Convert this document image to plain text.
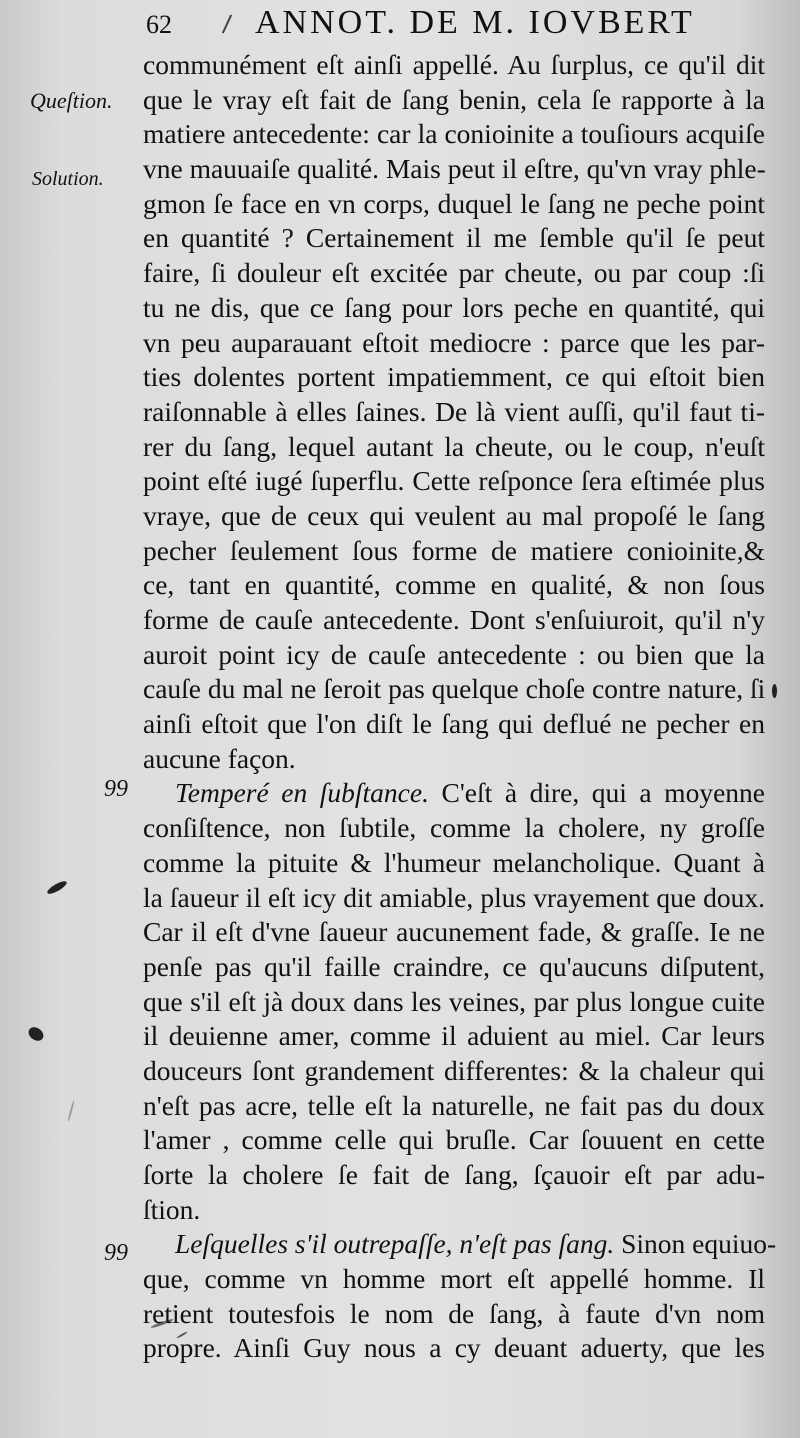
62 ANNOT. DE M. IOVBERT
Queſtion.
Solution.
99
99
communément eſt ainſi appellé. Au ſurplus, ce qu'il dit
que le vray eſt fait de ſang benin, cela ſe rapporte à la
matiere antecedente: car la conioinite a touſiours acquiſe
vne mauuaiſe qualité. Mais peut il eſtre, qu'vn vray phle-
gmon ſe face en vn corps, duquel le ſang ne peche point
en quantité ? Certainement il me ſemble qu'il ſe peut
faire, ſi douleur eſt excitée par cheute, ou par coup :ſi
tu ne dis, que ce ſang pour lors peche en quantité, qui
vn peu auparauant eſtoit mediocre : parce que les par-
ties dolentes portent impatiemment, ce qui eſtoit bien
raiſonnable à elles ſaines. De là vient auſſi, qu'il faut ti-
rer du ſang, lequel autant la cheute, ou le coup, n'euſt
point eſté iugé ſuperflu. Cette reſponce ſera eſtimée plus
vraye, que de ceux qui veulent au mal propoſé le ſang
pecher ſeulement ſous forme de matiere conioinite,&
ce, tant en quantité, comme en qualité, & non ſous
forme de cauſe antecedente. Dont s'enſuiuroit, qu'il n'y
auroit point icy de cauſe antecedente : ou bien que la
cauſe du mal ne ſeroit pas quelque choſe contre nature, ſi
ainſi eſtoit que l'on diſt le ſang qui deflué ne pecher en
aucune façon.
Temperé en ſubſtance. C'eſt à dire, qui a moyenne
conſiſtence, non ſubtile, comme la cholere, ny groſſe
comme la pituite & l'humeur melancholique. Quant à
la ſaueur il eſt icy dit amiable, plus vrayement que doux.
Car il eſt d'vne ſaueur aucunement fade, & graſſe. Ie ne
penſe pas qu'il faille craindre, ce qu'aucuns diſputent,
que s'il eſt jà doux dans les veines, par plus longue cuite
il deuienne amer, comme il aduient au miel. Car leurs
douceurs ſont grandement differentes: & la chaleur qui
n'eſt pas acre, telle eſt la naturelle, ne fait pas du doux
l'amer , comme celle qui bruſle. Car ſouuent en cette
ſorte la cholere ſe fait de ſang, ſçauoir eſt par adu-
ſtion.
Leſquelles s'il outrepaſſe, n'eſt pas ſang. Sinon equiuo-
que, comme vn homme mort eſt appellé homme. Il
retient toutesfois le nom de ſang, à faute d'vn nom
propre. Ainſi Guy nous a cy deuant aduerty, que les
